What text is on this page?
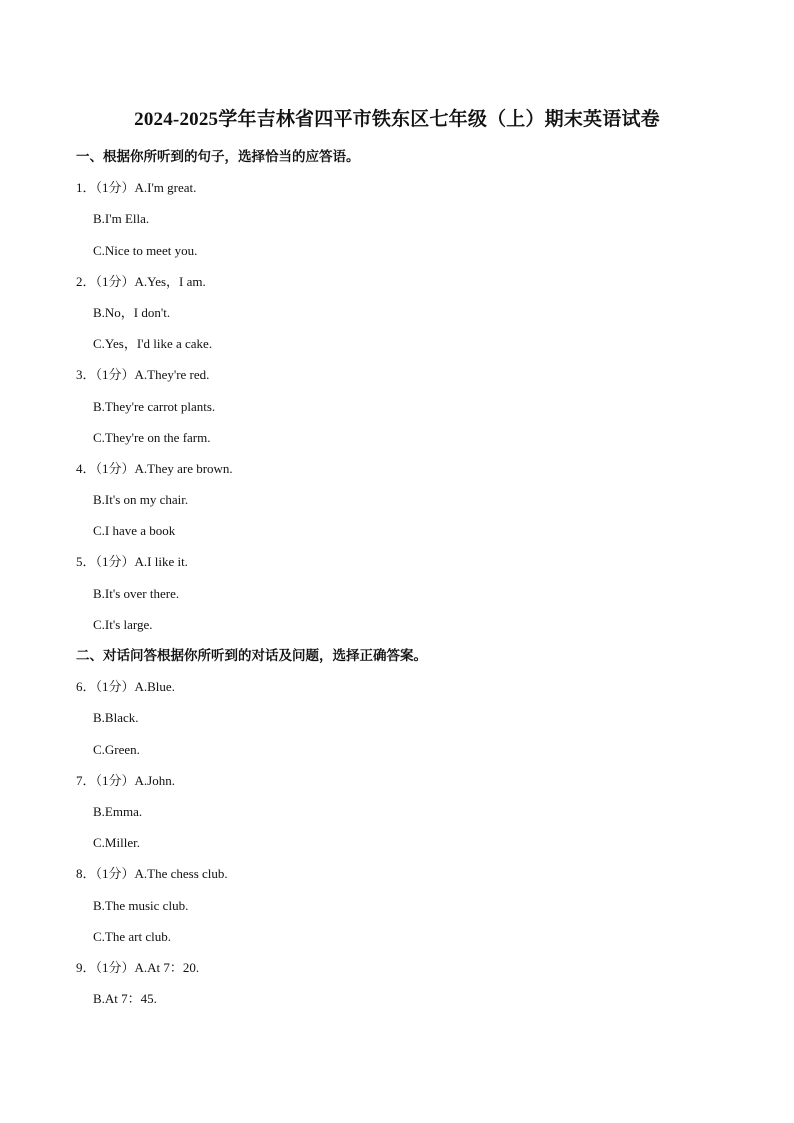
2024-2025学年吉林省四平市铁东区七年级（上）期末英语试卷
一、根据你所听到的句子，选择恰当的应答语。
1．（1分）A.I'm great.
B.I'm Ella.
C.Nice to meet you.
2．（1分）A.Yes，I am.
B.No，I don't.
C.Yes，I'd like a cake.
3．（1分）A.They're red.
B.They're carrot plants.
C.They're on the farm.
4．（1分）A.They are brown.
B.It's on my chair.
C.I have a book
5．（1分）A.I like it.
B.It's over there.
C.It's large.
二、对话问答根据你所听到的对话及问题，选择正确答案。
6．（1分）A.Blue.
B.Black.
C.Green.
7．（1分）A.John.
B.Emma.
C.Miller.
8．（1分）A.The chess club.
B.The music club.
C.The art club.
9．（1分）A.At 7：20.
B.At 7：45.
